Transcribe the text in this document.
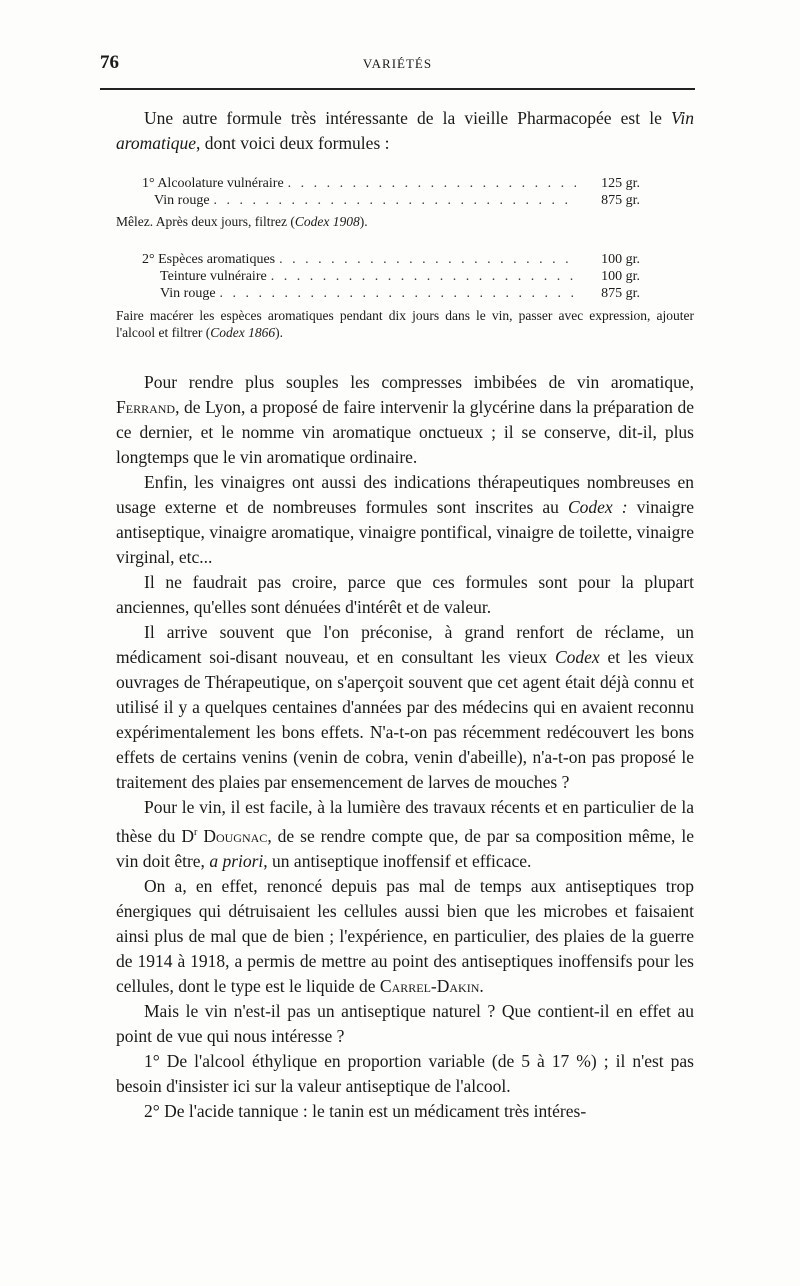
76	VARIÉTÉS

Une autre formule très intéressante de la vieille Pharmacopée est le Vin aromatique, dont voici deux formules :

1° Alcoolature vulnéraire . . .	125 gr.
Vin rouge . . .	875 gr.
Mêlez. Après deux jours, filtrez (Codex 1908).
2° Espèces aromatiques . . .	100 gr.
Teinture vulnéraire . . .	100 gr.
Vin rouge . . .	875 gr.
Faire macérer les espèces aromatiques pendant dix jours dans le vin, passer avec expression, ajouter l'alcool et filtrer (Codex 1866).

Pour rendre plus souples les compresses imbibées de vin aromatique, Ferrand, de Lyon, a proposé de faire intervenir la glycérine dans la préparation de ce dernier, et le nomme vin aromatique onctueux ; il se conserve, dit-il, plus longtemps que le vin aromatique ordinaire.

Enfin, les vinaigres ont aussi des indications thérapeutiques nombreuses en usage externe et de nombreuses formules sont inscrites au Codex : vinaigre antiseptique, vinaigre aromatique, vinaigre pontifical, vinaigre de toilette, vinaigre virginal, etc...

Il ne faudrait pas croire, parce que ces formules sont pour la plupart anciennes, qu'elles sont dénuées d'intérêt et de valeur.

Il arrive souvent que l'on préconise, à grand renfort de réclame, un médicament soi-disant nouveau, et en consultant les vieux Codex et les vieux ouvrages de Thérapeutique, on s'aperçoit souvent que cet agent était déjà connu et utilisé il y a quelques centaines d'années par des médecins qui en avaient reconnu expérimentalement les bons effets. N'a-t-on pas récemment redécouvert les bons effets de certains venins (venin de cobra, venin d'abeille), n'a-t-on pas proposé le traitement des plaies par ensemencement de larves de mouches ?

Pour le vin, il est facile, à la lumière des travaux récents et en particulier de la thèse du $D^r$ Dougnac, de se rendre compte que, de par sa composition même, le vin doit être, a priori, un antiseptique inoffensif et efficace.

On a, en effet, renoncé depuis pas mal de temps aux antiseptiques trop énergiques qui détruisaient les cellules aussi bien que les microbes et faisaient ainsi plus de mal que de bien ; l'expérience, en particulier, des plaies de la guerre de 1914 à 1918, a permis de mettre au point des antiseptiques inoffensifs pour les cellules, dont le type est le liquide de Carrel-Dakin.

Mais le vin n'est-il pas un antiseptique naturel ? Que contient-il en effet au point de vue qui nous intéresse ?

1° De l'alcool éthylique en proportion variable (de 5 à 17 %) ; il n'est pas besoin d'insister ici sur la valeur antiseptique de l'alcool.

2° De l'acide tannique : le tanin est un médicament très intéres-
